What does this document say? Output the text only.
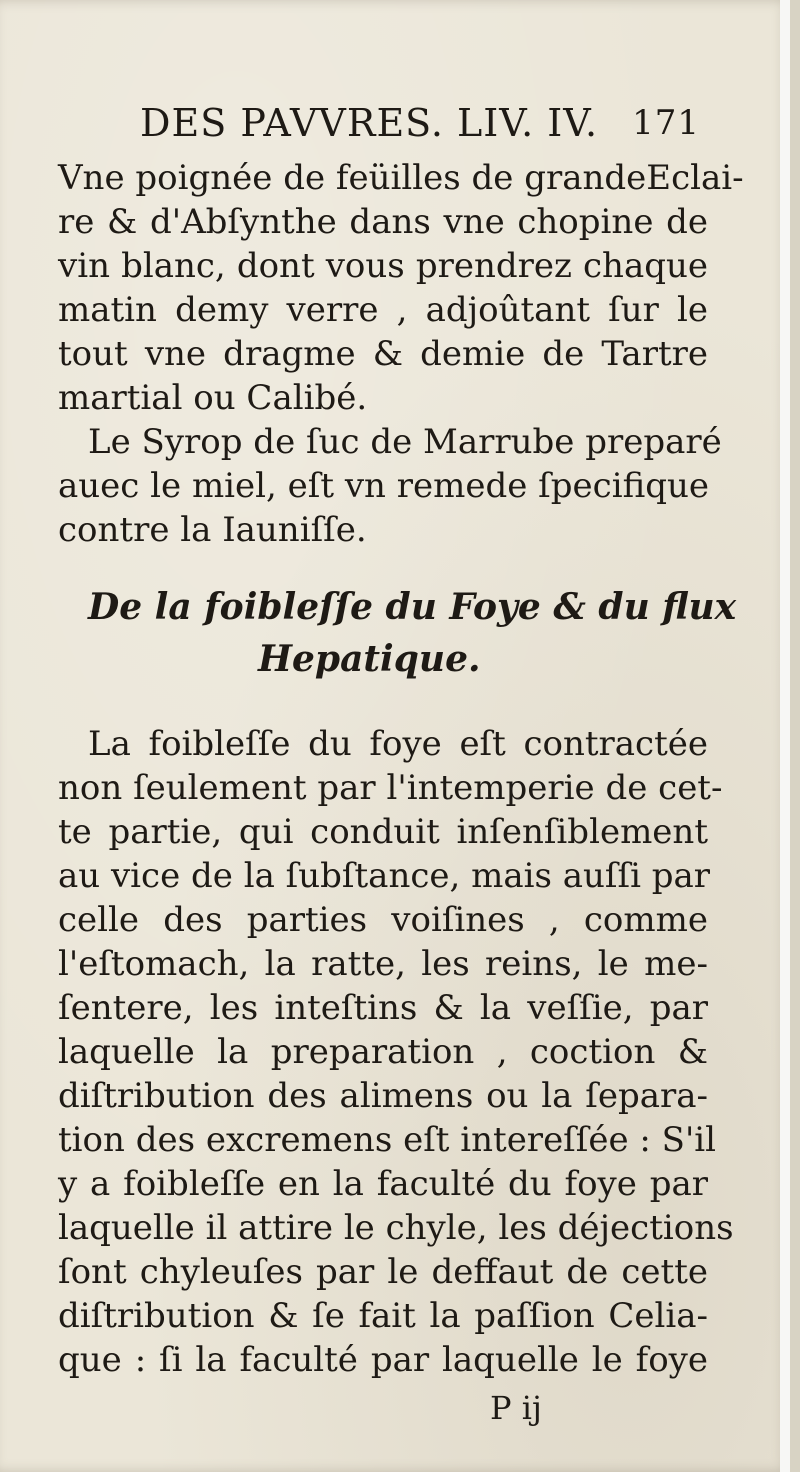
DES PAVVRES. LIV. IV. 171
Vne poignée de feüilles de grandeEclai-
re & d'Abſynthe dans vne chopine de
vin blanc, dont vous prendrez chaque
matin demy verre , adjoûtant ſur le
tout vne dragme & demie de Tartre
martial ou Calibé.
Le Syrop de ſuc de Marrube preparé
auec le miel, eſt vn remede ſpecifique
contre la Iauniſſe.
De la foibleſſe du Foye & du flux
Hepatique.
La foibleſſe du foye eſt contractée
non ſeulement par l'intemperie de cet-
te partie, qui conduit inſenſiblement
au vice de la ſubſtance, mais auſſi par
celle des parties voiſines , comme
l'eſtomach, la ratte, les reins, le me-
ſentere, les inteſtins & la veſſie, par
laquelle la preparation , coction &
diſtribution des alimens ou la ſepara-
tion des excremens eſt intereſſée : S'il
y a foibleſſe en la faculté du foye par
laquelle il attire le chyle, les déjections
ſont chyleuſes par le deffaut de cette
diſtribution & ſe fait la paſſion Celia-
que : ſi la faculté par laquelle le foye
P ij
